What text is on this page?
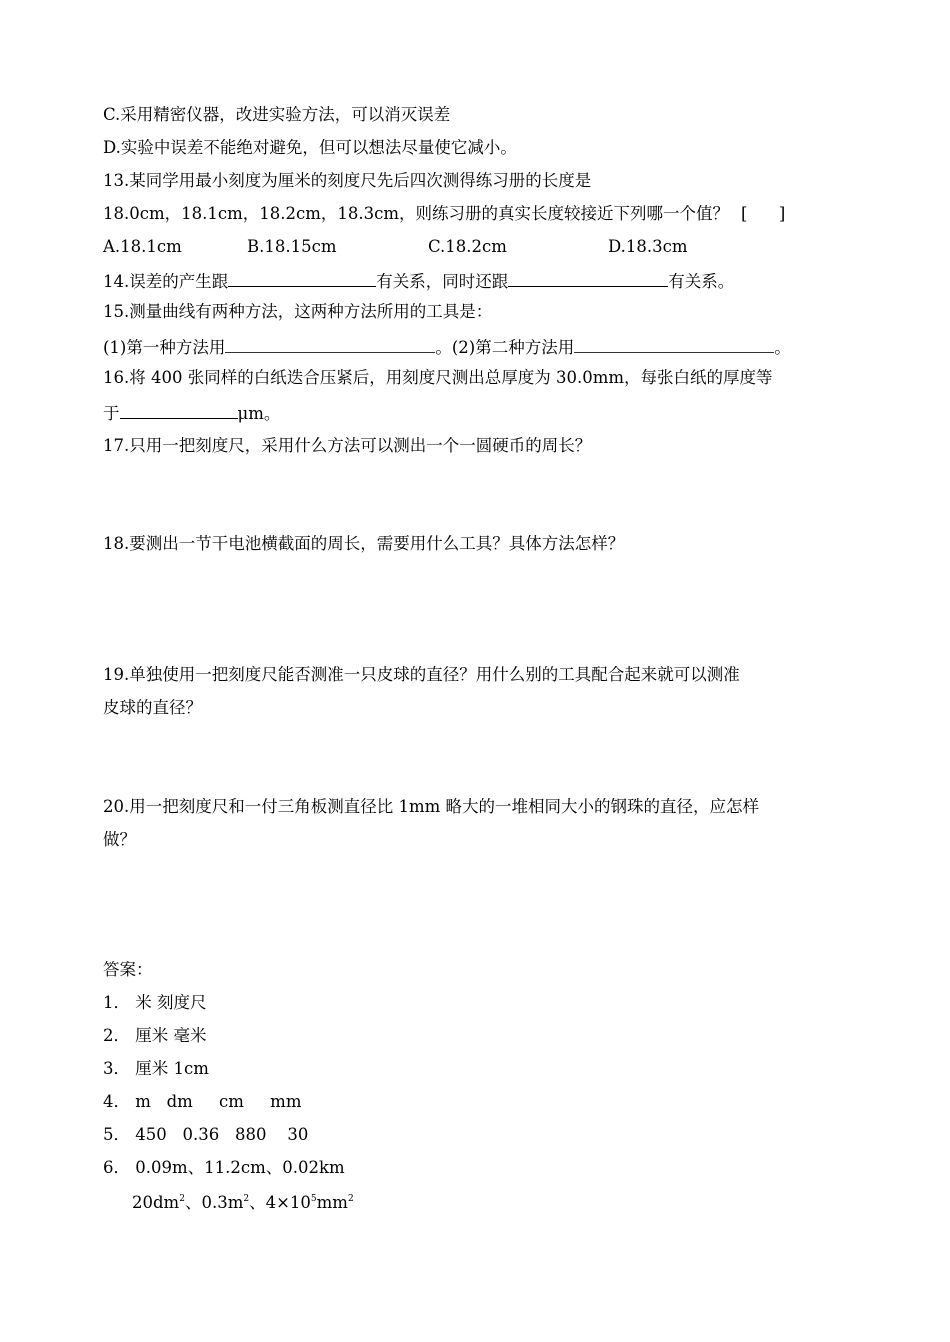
C.采用精密仪器，改进实验方法，可以消灭误差
D.实验中误差不能绝对避免，但可以想法尽量使它减小。
13.某同学用最小刻度为厘米的刻度尺先后四次测得练习册的长度是
18.0cm，18.1cm，18.2cm，18.3cm，则练习册的真实长度较接近下列哪一个值？ [      ]
A.18.1cm	B.18.15cm	C.18.2cm	D.18.3cm
14.误差的产生跟	有关系，同时还跟	有关系。
15.测量曲线有两种方法，这两种方法所用的工具是：
(1)第一种方法用	。(2)第二种方法用	。
16.将 400 张同样的白纸迭合压紧后，用刻度尺测出总厚度为 30.0mm，每张白纸的厚度等
于	μm。
17.只用一把刻度尺，采用什么方法可以测出一个一圆硬币的周长？
18.要测出一节干电池横截面的周长，需要用什么工具？具体方法怎样？
19.单独使用一把刻度尺能否测准一只皮球的直径？用什么别的工具配合起来就可以测准
皮球的直径？
20.用一把刻度尺和一付三角板测直径比 1mm 略大的一堆相同大小的钢珠的直径，应怎样
做？
答案：
1． 米 刻度尺
2． 厘米 毫米
3． 厘米 1cm
4． m   dm     cm     mm
5． 450   0.36   880    30
6． 0.09m、11.2cm、0.02km
$20dm^2$、$0.3m^2$、$4\times 10^5mm^2$
